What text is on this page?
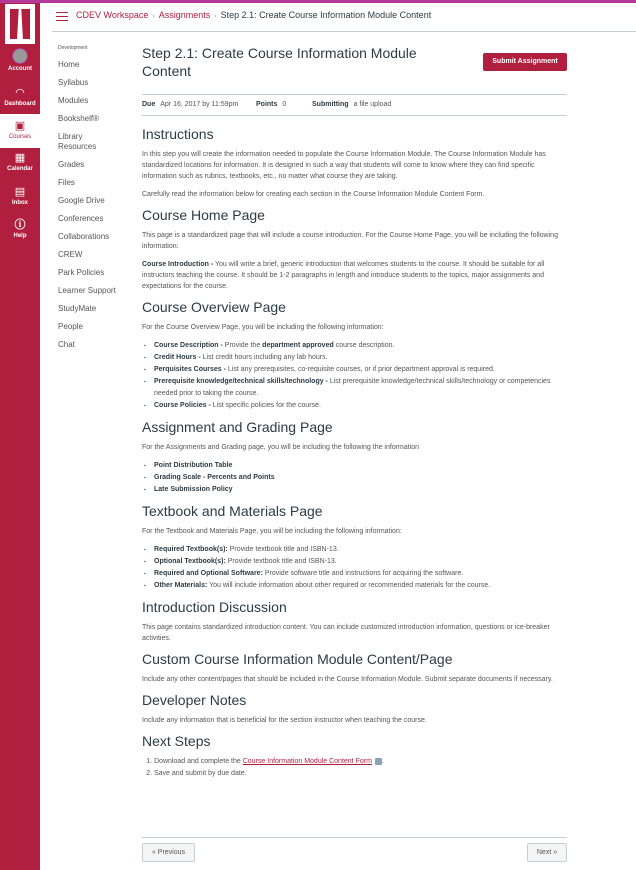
Account
◠
Dashboard
▣
Courses
▦
Calendar
▤
Inbox
ⓘ
Help
CDEV Workspace › Assignments › Step 2.1: Create Course Information Module Content
Development
Home
Syllabus
Modules
Bookshelf®
Library Resources
Grades
Files
Google Drive
Conferences
Collaborations
CREW
Park Policies
Learner Support
StudyMate
People
Chat
Step 2.1: Create Course Information Module Content
Submit Assignment
Due Apr 16, 2017 by 11:59pm	Points 0	Submitting a file upload
Instructions

In this step you will create the information needed to populate the Course Information Module. The Course Information Module has standardized locations for information. It is designed in such a way that students will come to know where they can find specific information such as rubrics, textbooks, etc., no matter what course they are taking.

Carefully read the information below for creating each section in the Course Information Module Content Form.

Course Home Page

This page is a standardized page that will include a course introduction. For the Course Home Page, you will be including the following information:

Course Introduction - You will write a brief, generic introduction that welcomes students to the course. It should be suitable for all instructors teaching the course. It should be 1-2 paragraphs in length and introduce students to the topics, major assignments and expectations for the course.

Course Overview Page

For the Course Overview Page, you will be including the following information:

▪ Course Description - Provide the department approved course description.
▪ Credit Hours - List credit hours including any lab hours.
▪ Perquisites Courses - List any prerequisites, co-requisite courses, or if prior department approval is required.
▪ Prerequisite knowledge/technical skills/technology - List prerequisite knowledge/technical skills/technology or competencies needed prior to taking the course.
▪ Course Policies - List specific policies for the course.
Assignment and Grading Page

For the Assignments and Grading page, you will be including the following the information

▪ Point Distribution Table
▪ Grading Scale - Percents and Points
▪ Late Submission Policy
Textbook and Materials Page

For the Textbook and Materials Page, you will be including the following information:

▪ Required Textbook(s): Provide textbook title and ISBN-13.
▪ Optional Textbook(s): Provide textbook title and ISBN-13.
▪ Required and Optional Software: Provide software title and instructions for acquiring the software.
▪ Other Materials: You will include information about other required or recommended materials for the course.
Introduction Discussion

This page contains standardized introduction content. You can include customized introduction information, questions or ice-breaker activities.

Custom Course Information Module Content/Page

Include any other content/pages that should be included in the Course Information Module. Submit separate documents if necessary.

Developer Notes

Include any information that is beneficial for the section instructor when teaching the course.

Next Steps
1. Download and complete the Course Information Module Content Form .
2. Save and submit by due date.
« Previous	Next »
